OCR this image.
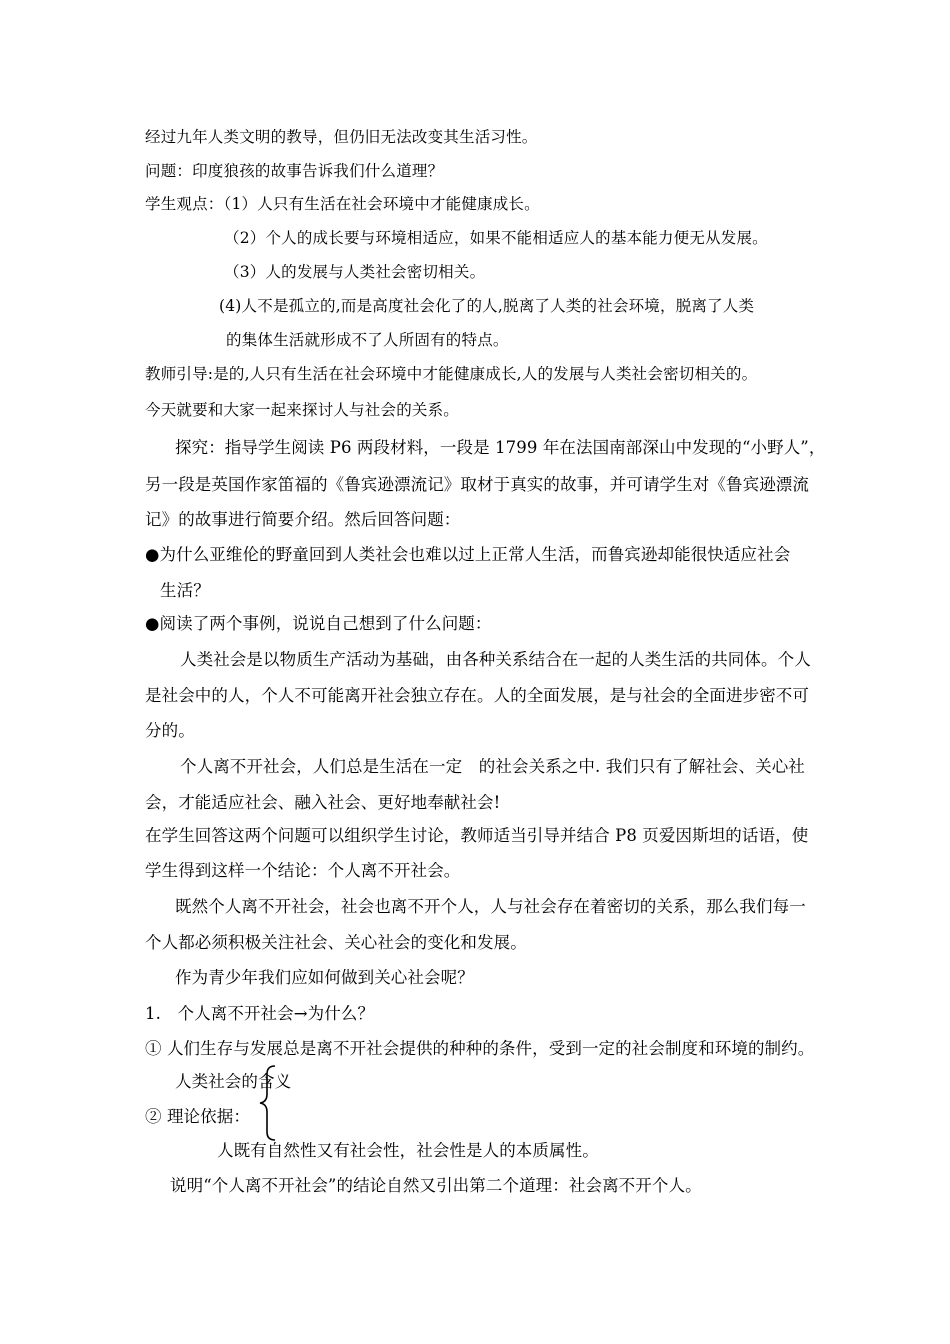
经过九年人类文明的教导，但仍旧无法改变其生活习性。
问题：印度狼孩的故事告诉我们什么道理？
学生观点：（1）人只有生活在社会环境中才能健康成长。
（2）个人的成长要与环境相适应，如果不能相适应人的基本能力便无从发展。
（3）人的发展与人类社会密切相关。
(4)人不是孤立的,而是高度社会化了的人,脱离了人类的社会环境，脱离了人类
的集体生活就形成不了人所固有的特点。
教师引导:是的,人只有生活在社会环境中才能健康成长,人的发展与人类社会密切相关的。
今天就要和大家一起来探讨人与社会的关系。
探究：指导学生阅读 P6 两段材料，一段是 1799 年在法国南部深山中发现的“小野人”，
另一段是英国作家笛福的《鲁宾逊漂流记》取材于真实的故事，并可请学生对《鲁宾逊漂流
记》的故事进行简要介绍。然后回答问题：
●为什么亚维伦的野童回到人类社会也难以过上正常人生活，而鲁宾逊却能很快适应社会
生活？
●阅读了两个事例，说说自己想到了什么问题：
人类社会是以物质生产活动为基础，由各种关系结合在一起的人类生活的共同体。个人
是社会中的人，个人不可能离开社会独立存在。人的全面发展，是与社会的全面进步密不可
分的。
个人离不开社会，人们总是生活在一定　的社会关系之中. 我们只有了解社会、关心社
会，才能适应社会、融入社会、更好地奉献社会!
在学生回答这两个问题可以组织学生讨论，教师适当引导并结合 P8 页爱因斯坦的话语，使
学生得到这样一个结论：个人离不开社会。
既然个人离不开社会，社会也离不开个人，人与社会存在着密切的关系，那么我们每一
个人都必须积极关注社会、关心社会的变化和发展。
作为青少年我们应如何做到关心社会呢？
1.　个人离不开社会→为什么？
① 人们生存与发展总是离不开社会提供的种种的条件，受到一定的社会制度和环境的制约。
人类社会的含义
② 理论依据：
人既有自然性又有社会性，社会性是人的本质属性。
说明“个人离不开社会”的结论自然又引出第二个道理：社会离不开个人。
